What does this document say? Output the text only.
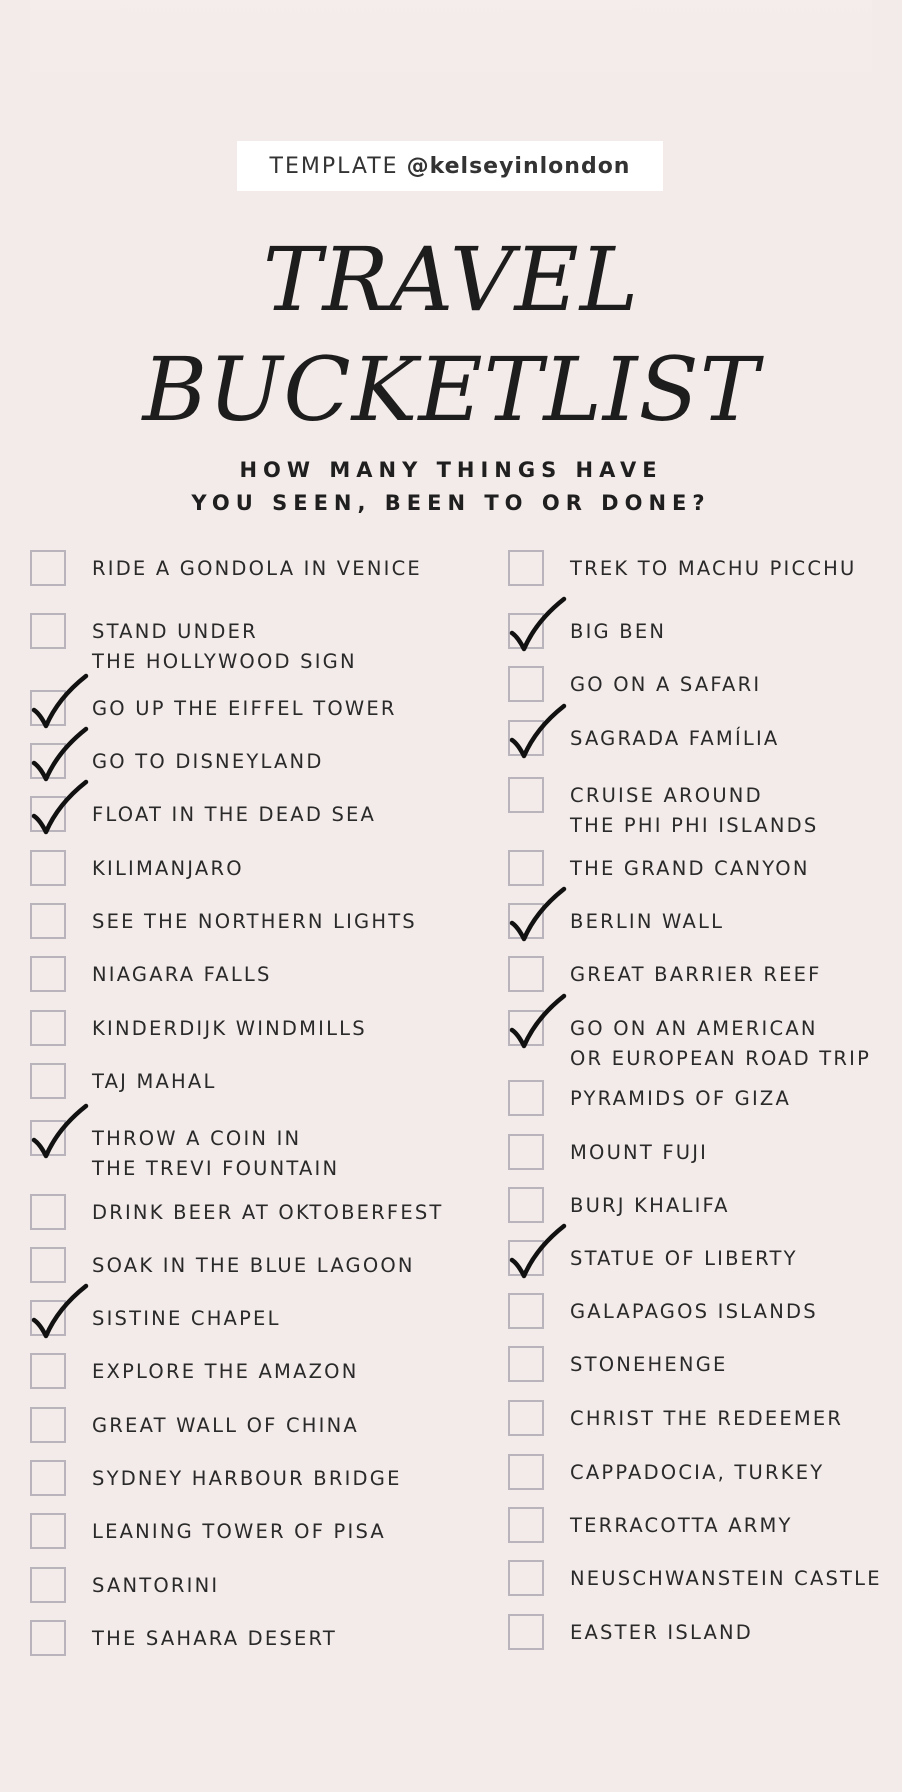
TEMPLATE @kelseyinlondon
TRAVEL
BUCKETLIST
HOW MANY THINGS HAVE
YOU SEEN, BEEN TO OR DONE?
RIDE A GONDOLA IN VENICE
STAND UNDER
THE HOLLYWOOD SIGN
GO UP THE EIFFEL TOWER
GO TO DISNEYLAND
FLOAT IN THE DEAD SEA
KILIMANJARO
SEE THE NORTHERN LIGHTS
NIAGARA FALLS
KINDERDIJK WINDMILLS
TAJ MAHAL
THROW A COIN IN
THE TREVI FOUNTAIN
DRINK BEER AT OKTOBERFEST
SOAK IN THE BLUE LAGOON
SISTINE CHAPEL
EXPLORE THE AMAZON
GREAT WALL OF CHINA
SYDNEY HARBOUR BRIDGE
LEANING TOWER OF PISA
SANTORINI
THE SAHARA DESERT
TREK TO MACHU PICCHU
BIG BEN
GO ON A SAFARI
SAGRADA FAMÍLIA
CRUISE AROUND
THE PHI PHI ISLANDS
THE GRAND CANYON
BERLIN WALL
GREAT BARRIER REEF
GO ON AN AMERICAN
OR EUROPEAN ROAD TRIP
PYRAMIDS OF GIZA
MOUNT FUJI
BURJ KHALIFA
STATUE OF LIBERTY
GALAPAGOS ISLANDS
STONEHENGE
CHRIST THE REDEEMER
CAPPADOCIA, TURKEY
TERRACOTTA ARMY
NEUSCHWANSTEIN CASTLE
EASTER ISLAND
